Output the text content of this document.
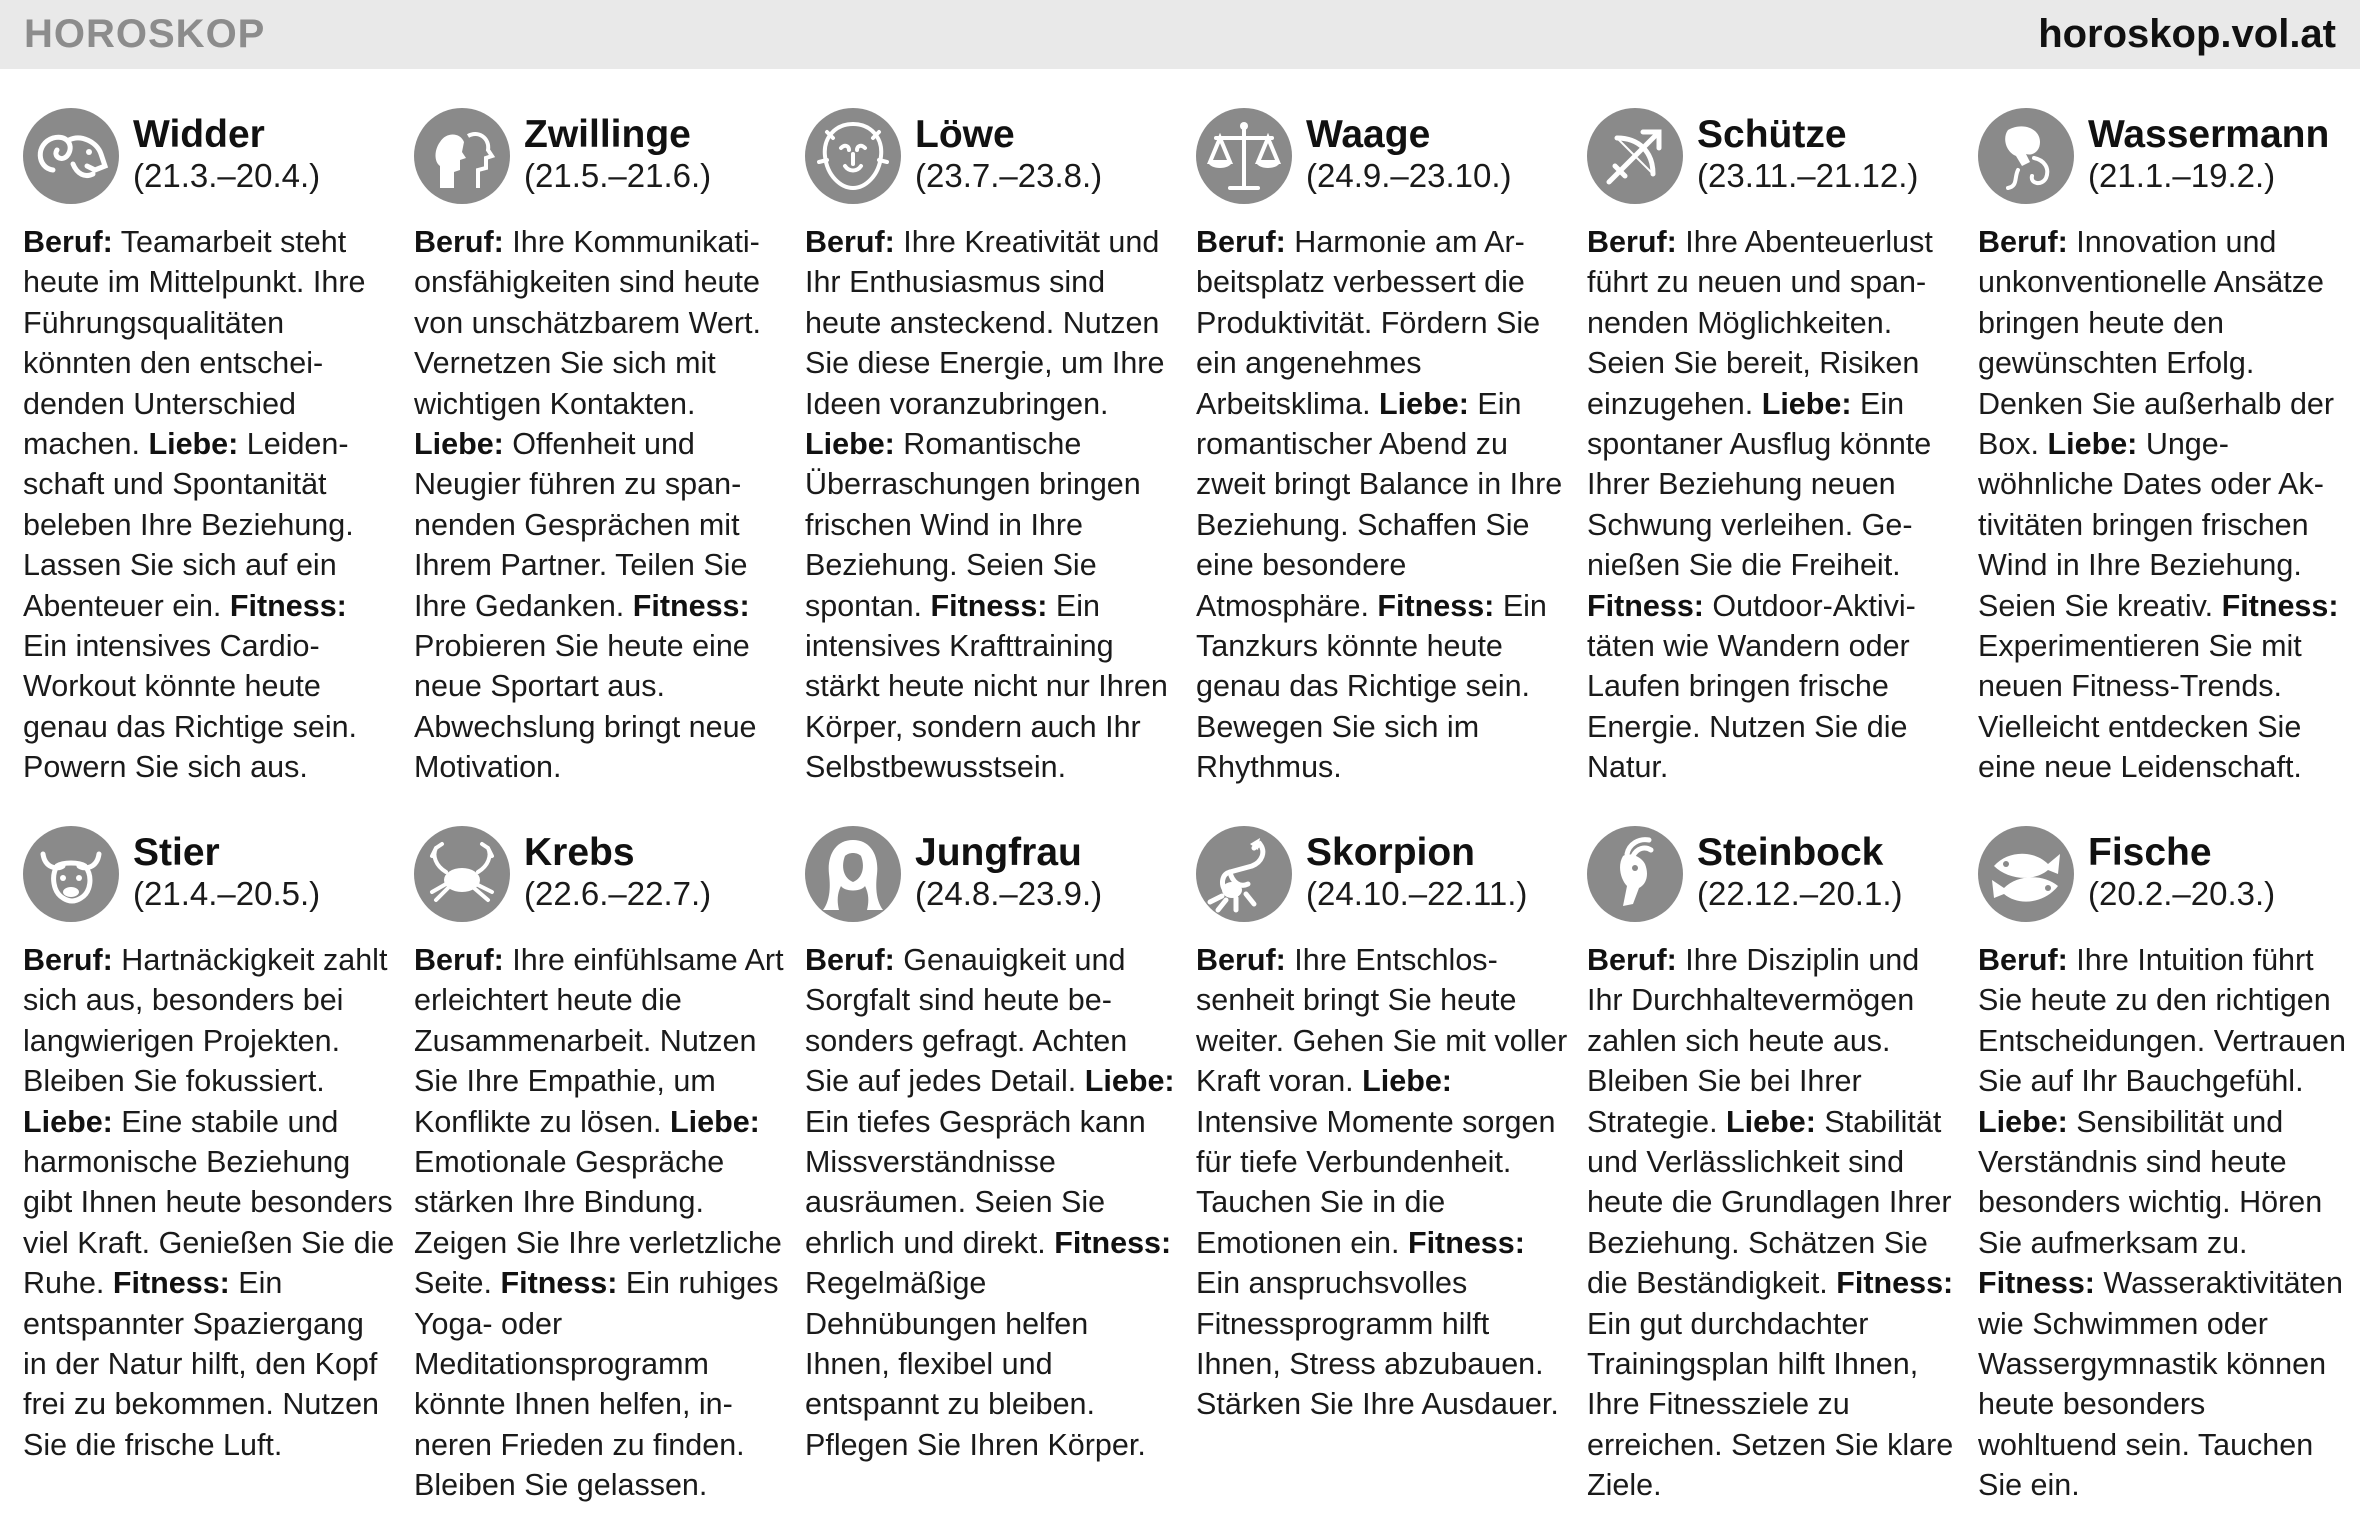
HOROSKOP	horoskop.vol.at
Widder
(21.3.–20.4.)
Beruf: Teamarbeit steht heute im Mittelpunkt. Ihre Führungsqualitäten könnten den entscheidenden Unterschied machen. Liebe: Leidenschaft und Spontanität beleben Ihre Beziehung. Lassen Sie sich auf ein Abenteuer ein. Fitness: Ein intensives Cardio-Workout könnte heute genau das Richtige sein. Powern Sie sich aus.
Zwillinge
(21.5.–21.6.)
Beruf: Ihre Kommunikationsfähigkeiten sind heute von unschätzbarem Wert. Vernetzen Sie sich mit wichtigen Kontakten. Liebe: Offenheit und Neugier führen zu spannenden Gesprächen mit Ihrem Partner. Teilen Sie Ihre Gedanken. Fitness: Probieren Sie heute eine neue Sportart aus. Abwechslung bringt neue Motivation.
Löwe
(23.7.–23.8.)
Beruf: Ihre Kreativität und Ihr Enthusiasmus sind heute ansteckend. Nutzen Sie diese Energie, um Ihre Ideen voranzubringen. Liebe: Romantische Überraschungen bringen frischen Wind in Ihre Beziehung. Seien Sie spontan. Fitness: Ein intensives Krafttraining stärkt heute nicht nur Ihren Körper, sondern auch Ihr Selbstbewusstsein.
Waage
(24.9.–23.10.)
Beruf: Harmonie am Arbeitsplatz verbessert die Produktivität. Fördern Sie ein angenehmes Arbeitsklima. Liebe: Ein romantischer Abend zu zweit bringt Balance in Ihre Beziehung. Schaffen Sie eine besondere Atmosphäre. Fitness: Ein Tanzkurs könnte heute genau das Richtige sein. Bewegen Sie sich im Rhythmus.
Schütze
(23.11.–21.12.)
Beruf: Ihre Abenteuerlust führt zu neuen und spannenden Möglichkeiten. Seien Sie bereit, Risiken einzugehen. Liebe: Ein spontaner Ausflug könnte Ihrer Beziehung neuen Schwung verleihen. Genießen Sie die Freiheit. Fitness: Outdoor-Aktivitäten wie Wandern oder Laufen bringen frische Energie. Nutzen Sie die Natur.
Wassermann
(21.1.–19.2.)
Beruf: Innovation und unkonventionelle Ansätze bringen heute den gewünschten Erfolg. Denken Sie außerhalb der Box. Liebe: Ungewöhnliche Dates oder Aktivitäten bringen frischen Wind in Ihre Beziehung. Seien Sie kreativ. Fitness: Experimentieren Sie mit neuen Fitness-Trends. Vielleicht entdecken Sie eine neue Leidenschaft.
Stier
(21.4.–20.5.)
Beruf: Hartnäckigkeit zahlt sich aus, besonders bei langwierigen Projekten. Bleiben Sie fokussiert. Liebe: Eine stabile und harmonische Beziehung gibt Ihnen heute besonders viel Kraft. Genießen Sie die Ruhe. Fitness: Ein entspannter Spaziergang in der Natur hilft, den Kopf frei zu bekommen. Nutzen Sie die frische Luft.
Krebs
(22.6.–22.7.)
Beruf: Ihre einfühlsame Art erleichtert heute die Zusammenarbeit. Nutzen Sie Ihre Empathie, um Konflikte zu lösen. Liebe: Emotionale Gespräche stärken Ihre Bindung. Zeigen Sie Ihre verletzliche Seite. Fitness: Ein ruhiges Yoga- oder Meditationsprogramm könnte Ihnen helfen, inneren Frieden zu finden. Bleiben Sie gelassen.
Jungfrau
(24.8.–23.9.)
Beruf: Genauigkeit und Sorgfalt sind heute besonders gefragt. Achten Sie auf jedes Detail. Liebe: Ein tiefes Gespräch kann Missverständnisse ausräumen. Seien Sie ehrlich und direkt. Fitness: Regelmäßige Dehnübungen helfen Ihnen, flexibel und entspannt zu bleiben. Pflegen Sie Ihren Körper.
Skorpion
(24.10.–22.11.)
Beruf: Ihre Entschlossenheit bringt Sie heute weiter. Gehen Sie mit voller Kraft voran. Liebe: Intensive Momente sorgen für tiefe Verbundenheit. Tauchen Sie in die Emotionen ein. Fitness: Ein anspruchsvolles Fitnessprogramm hilft Ihnen, Stress abzubauen. Stärken Sie Ihre Ausdauer.
Steinbock
(22.12.–20.1.)
Beruf: Ihre Disziplin und Ihr Durchhaltevermögen zahlen sich heute aus. Bleiben Sie bei Ihrer Strategie. Liebe: Stabilität und Verlässlichkeit sind heute die Grundlagen Ihrer Beziehung. Schätzen Sie die Beständigkeit. Fitness: Ein gut durchdachter Trainingsplan hilft Ihnen, Ihre Fitnessziele zu erreichen. Setzen Sie klare Ziele.
Fische
(20.2.–20.3.)
Beruf: Ihre Intuition führt Sie heute zu den richtigen Entscheidungen. Vertrauen Sie auf Ihr Bauchgefühl. Liebe: Sensibilität und Verständnis sind heute besonders wichtig. Hören Sie aufmerksam zu. Fitness: Wasseraktivitäten wie Schwimmen oder Wassergymnastik können heute besonders wohltuend sein. Tauchen Sie ein.
